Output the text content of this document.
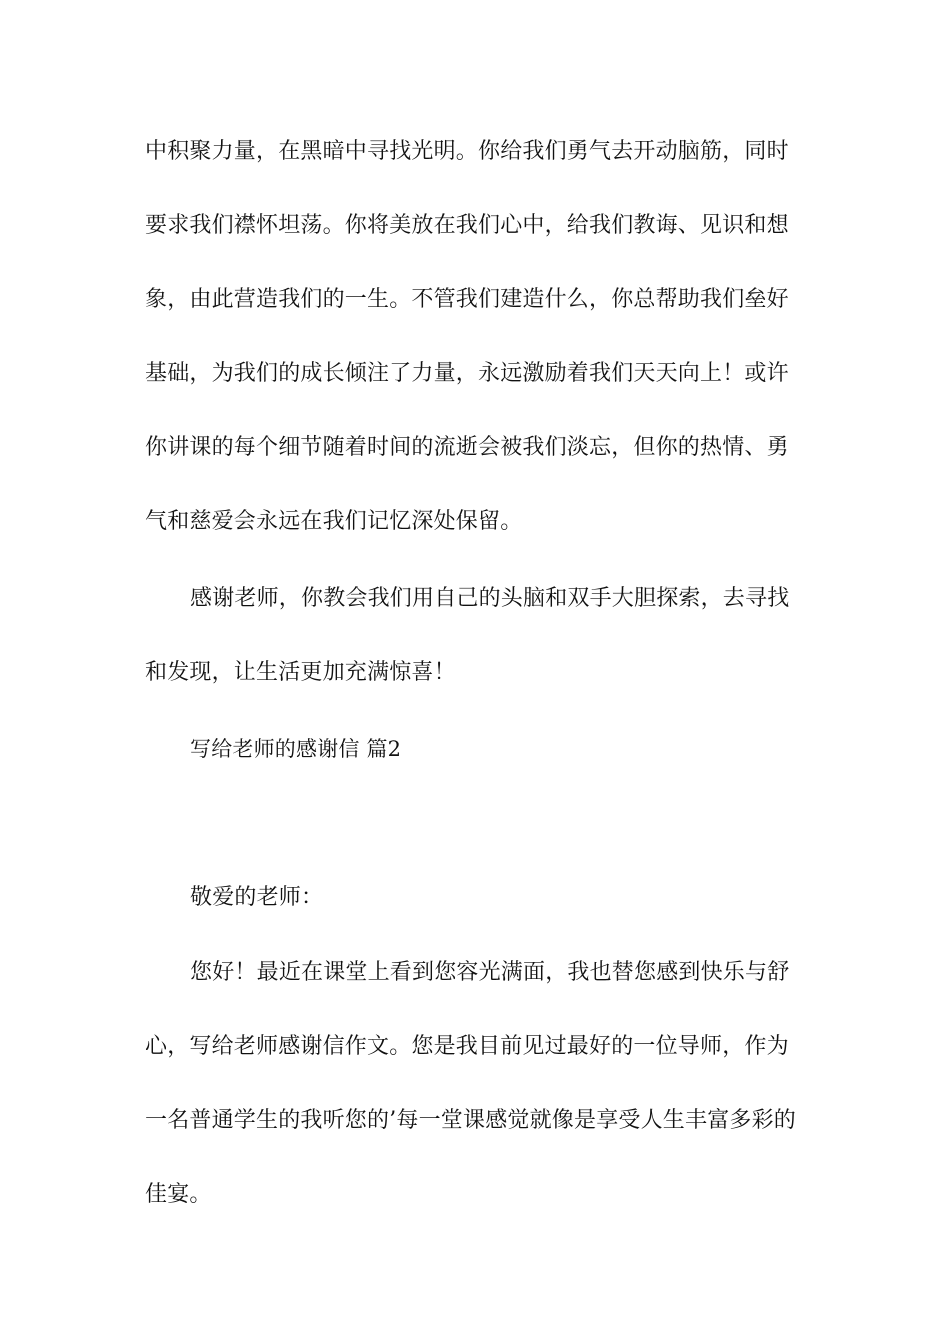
中积聚力量，在黑暗中寻找光明。你给我们勇气去开动脑筋，同时
要求我们襟怀坦荡。你将美放在我们心中，给我们教诲、见识和想
象，由此营造我们的一生。不管我们建造什么，你总帮助我们垒好
基础，为我们的成长倾注了力量，永远激励着我们天天向上！或许
你讲课的每个细节随着时间的流逝会被我们淡忘，但你的热情、勇
气和慈爱会永远在我们记忆深处保留。
感谢老师，你教会我们用自己的头脑和双手大胆探索，去寻找
和发现，让生活更加充满惊喜！
写给老师的感谢信 篇2
敬爱的老师：
您好！最近在课堂上看到您容光满面，我也替您感到快乐与舒
心，写给老师感谢信作文。您是我目前见过最好的一位导师，作为
一名普通学生的我听您的’每一堂课感觉就像是享受人生丰富多彩的
佳宴。
